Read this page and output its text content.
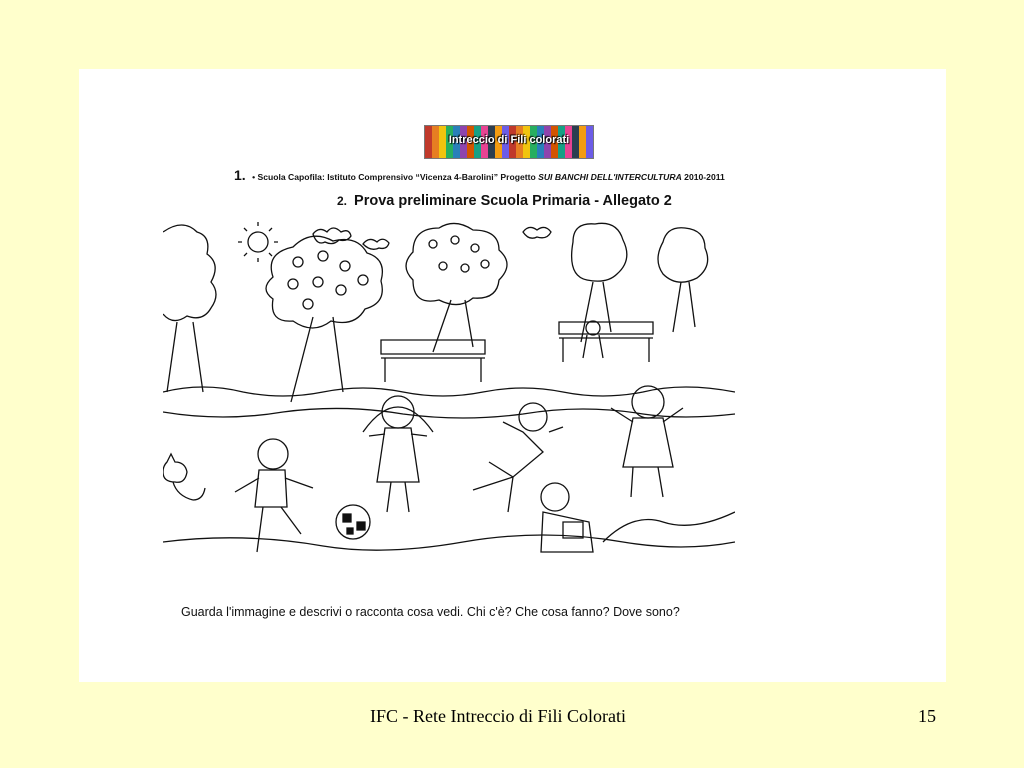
Intreccio di Fili colorati
1. • Scuola Capofila: Istituto Comprensivo “Vicenza 4-Barolini” Progetto SUI BANCHI DELL'INTERCULTURA 2010-2011
2. Prova preliminare Scuola Primaria - Allegato 2
Guarda l'immagine e descrivi o racconta cosa vedi. Chi c'è? Che cosa fanno? Dove sono?
IFC - Rete Intreccio di Fili Colorati	15
